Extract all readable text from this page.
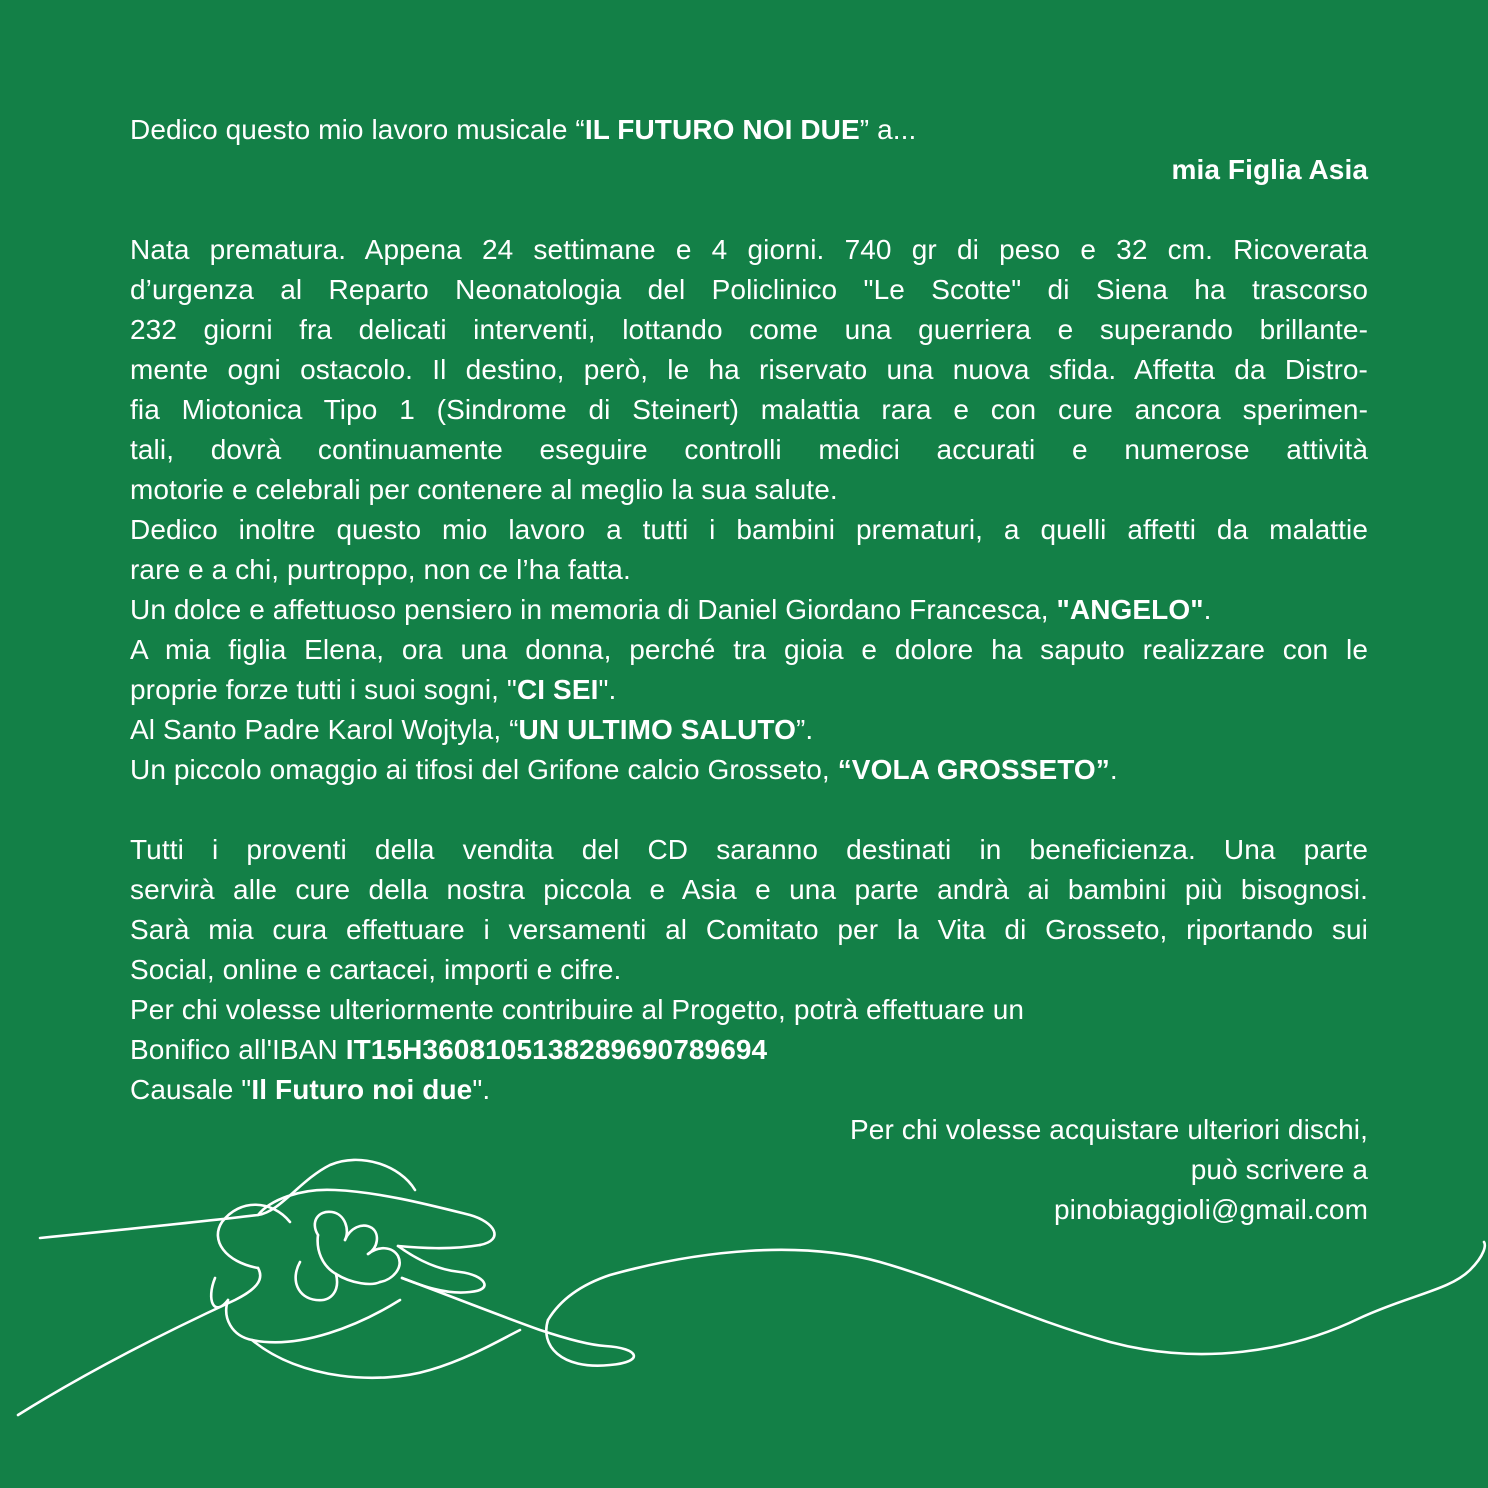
Dedico questo mio lavoro musicale “IL FUTURO NOI DUE” a...
mia Figlia Asia
Nata prematura. Appena 24 settimane e 4 giorni. 740 gr di peso e 32 cm. Ricoverata
d’urgenza al Reparto Neonatologia del Policlinico "Le Scotte" di Siena ha trascorso
232 giorni fra delicati interventi, lottando come una guerriera e superando brillante-
mente ogni ostacolo. Il destino, però, le ha riservato una nuova sfida. Affetta da Distro-
fia Miotonica Tipo 1 (Sindrome di Steinert) malattia rara e con cure ancora sperimen-
tali, dovrà continuamente eseguire controlli medici accurati e numerose attività
motorie e celebrali per contenere al meglio la sua salute.
Dedico inoltre questo mio lavoro a tutti i bambini prematuri, a quelli affetti da malattie
rare e a chi, purtroppo, non ce l’ha fatta.
Un dolce e affettuoso pensiero in memoria di Daniel Giordano Francesca, "ANGELO".
A mia figlia Elena, ora una donna, perché tra gioia e dolore ha saputo realizzare con le
proprie forze tutti i suoi sogni, "CI SEI".
Al Santo Padre Karol Wojtyla, “UN ULTIMO SALUTO”.
Un piccolo omaggio ai tifosi del Grifone calcio Grosseto, “VOLA GROSSETO”.
Tutti i proventi della vendita del CD saranno destinati in beneficienza. Una parte
servirà alle cure della nostra piccola e Asia e una parte andrà ai bambini più bisognosi.
Sarà mia cura effettuare i versamenti al Comitato per la Vita di Grosseto, riportando sui
Social, online e cartacei, importi e cifre.
Per chi volesse ulteriormente contribuire al Progetto, potrà effettuare un
Bonifico all'IBAN IT15H3608105138289690789694
Causale "Il Futuro noi due".
Per chi volesse acquistare ulteriori dischi,
può scrivere a
pinobiaggioli@gmail.com
